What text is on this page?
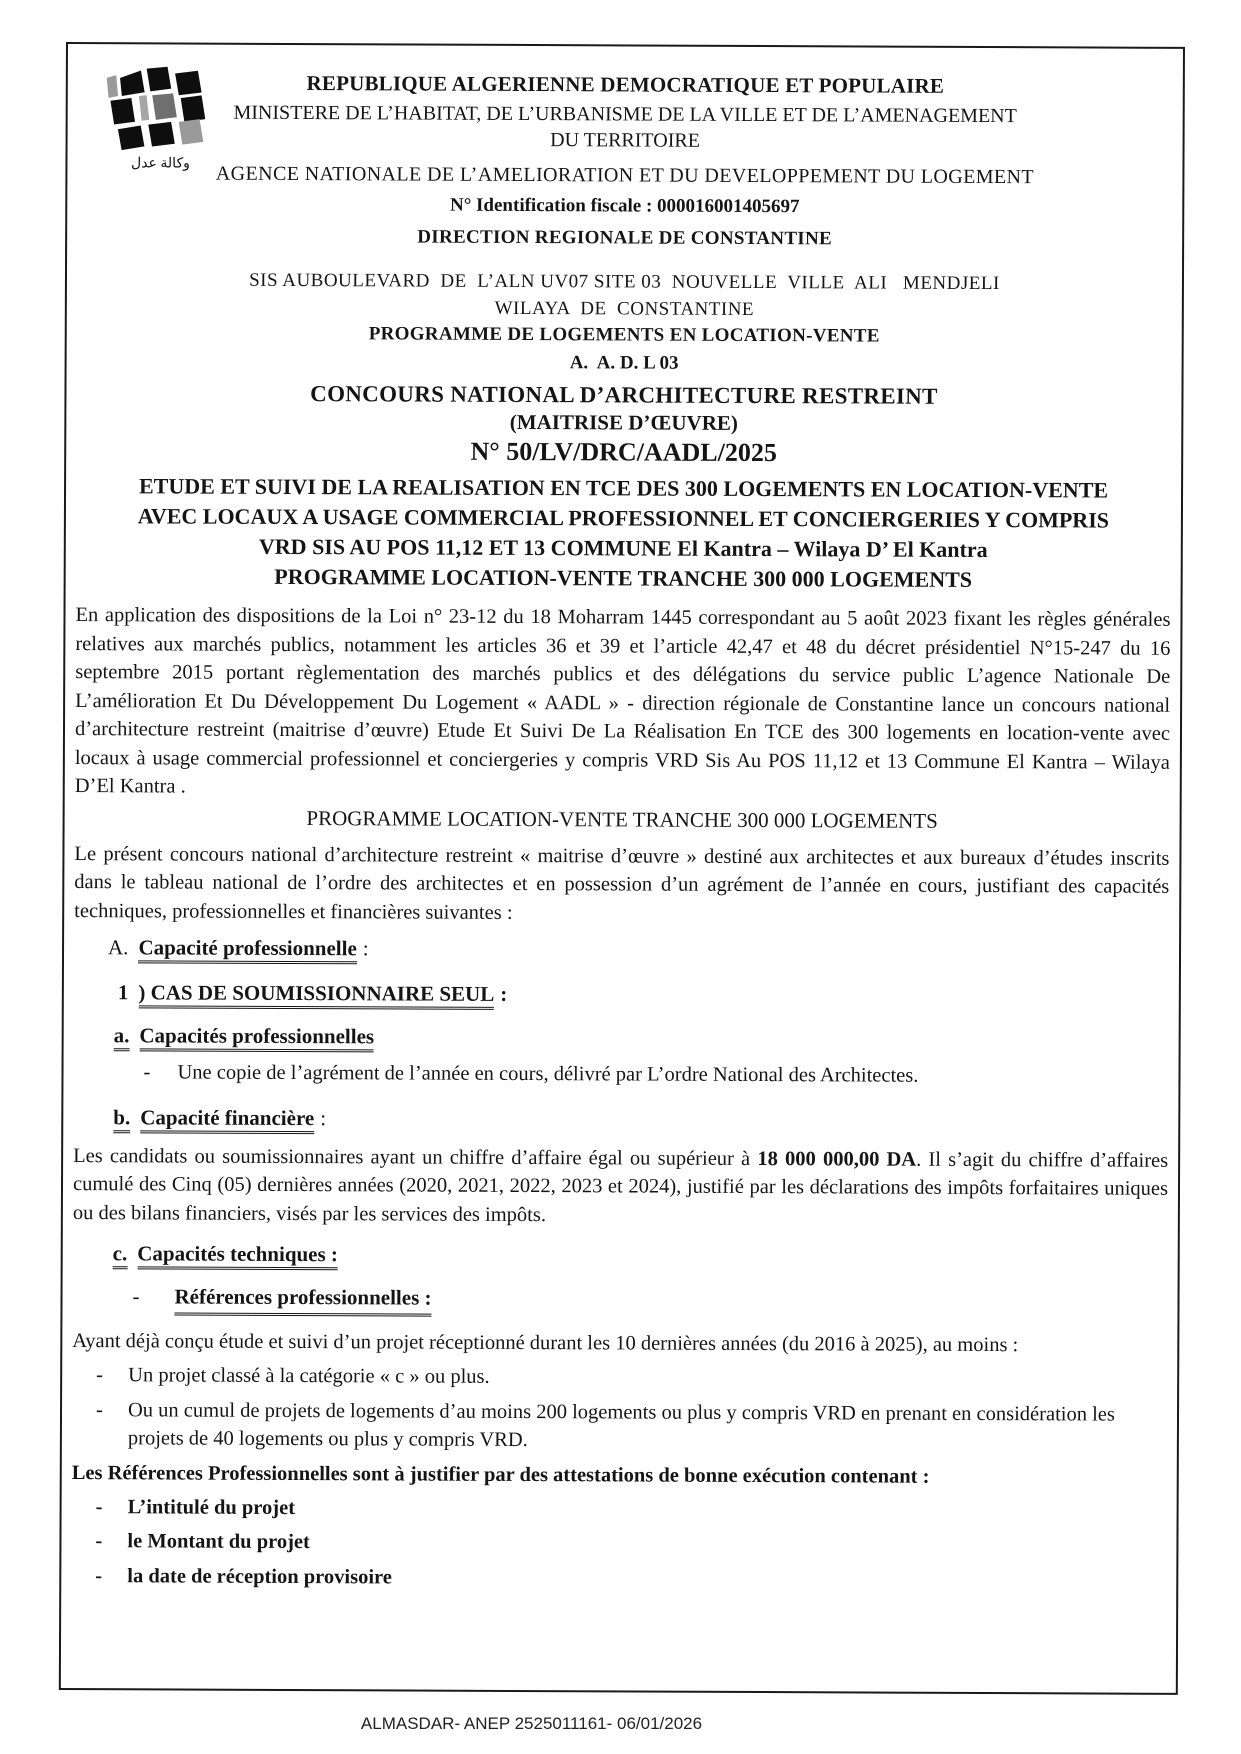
وكالة عدل
REPUBLIQUE ALGERIENNE DEMOCRATIQUE ET POPULAIRE
MINISTERE DE L’HABITAT, DE L’URBANISME DE LA VILLE ET DE L’AMENAGEMENT
DU TERRITOIRE
AGENCE NATIONALE DE L’AMELIORATION ET DU DEVELOPPEMENT DU LOGEMENT
N° Identification fiscale : 000016001405697
DIRECTION REGIONALE DE CONSTANTINE
SIS AUBOULEVARD  DE  L’ALN UV07 SITE 03  NOUVELLE  VILLE  ALI   MENDJELI
WILAYA  DE  CONSTANTINE
PROGRAMME DE LOGEMENTS EN LOCATION-VENTE
A.  A. D. L 03
CONCOURS NATIONAL D’ARCHITECTURE RESTREINT
(MAITRISE D’ŒUVRE)
N° 50/LV/DRC/AADL/2025
ETUDE ET SUIVI DE LA REALISATION EN TCE DES 300 LOGEMENTS EN LOCATION-VENTE
AVEC LOCAUX A USAGE COMMERCIAL PROFESSIONNEL ET CONCIERGERIES Y COMPRIS
VRD SIS AU POS 11,12 ET 13 COMMUNE El Kantra – Wilaya D’ El Kantra
PROGRAMME LOCATION-VENTE TRANCHE 300 000 LOGEMENTS
En application des dispositions de la Loi n° 23-12 du 18 Moharram 1445 correspondant au 5 août 2023 fixant les règles générales relatives aux marchés publics, notamment les articles 36 et 39 et l’article 42,47 et 48 du décret présidentiel N°15-247 du 16 septembre 2015 portant règlementation des marchés publics et des délégations du service public L’agence Nationale De L’amélioration Et Du Développement Du Logement « AADL » - direction régionale de Constantine lance un concours national d’architecture restreint (maitrise d’œuvre) Etude Et Suivi De La Réalisation En TCE des 300 logements en location-vente avec locaux à usage commercial professionnel et conciergeries y compris VRD Sis Au POS 11,12 et 13 Commune El Kantra – Wilaya D’El Kantra .
PROGRAMME LOCATION-VENTE TRANCHE 300 000 LOGEMENTS
Le présent concours national d’architecture restreint « maitrise d’œuvre » destiné aux architectes et aux bureaux d’études inscrits dans le tableau national de l’ordre des architectes et en possession d’un agrément de l’année en cours, justifiant des capacités techniques, professionnelles et financières suivantes :
A. Capacité professionnelle :
1 ) CAS DE SOUMISSIONNAIRE SEUL :
a. Capacités professionnelles
-	Une copie de l’agrément de l’année en cours, délivré par L’ordre National des Architectes.
b. Capacité financière :
Les candidats ou soumissionnaires ayant un chiffre d’affaire égal ou supérieur à 18 000 000,00 DA. Il s’agit du chiffre d’affaires cumulé des Cinq (05) dernières années (2020, 2021, 2022, 2023 et 2024), justifié par les déclarations des impôts forfaitaires uniques ou des bilans financiers, visés par les services des impôts.
c. Capacités techniques :
-	Références professionnelles :
Ayant déjà conçu étude et suivi d’un projet réceptionné durant les 10 dernières années (du 2016 à 2025), au moins :
-	Un projet classé à la catégorie « c » ou plus.
-	Ou un cumul de projets de logements d’au moins 200 logements ou plus y compris VRD en prenant en considération les projets de 40 logements ou plus y compris VRD.
Les Références Professionnelles sont à justifier par des attestations de bonne exécution contenant :
-	L’intitulé du projet
-	le Montant du projet
-	la date de réception provisoire
ALMASDAR- ANEP 2525011161- 06/01/2026
